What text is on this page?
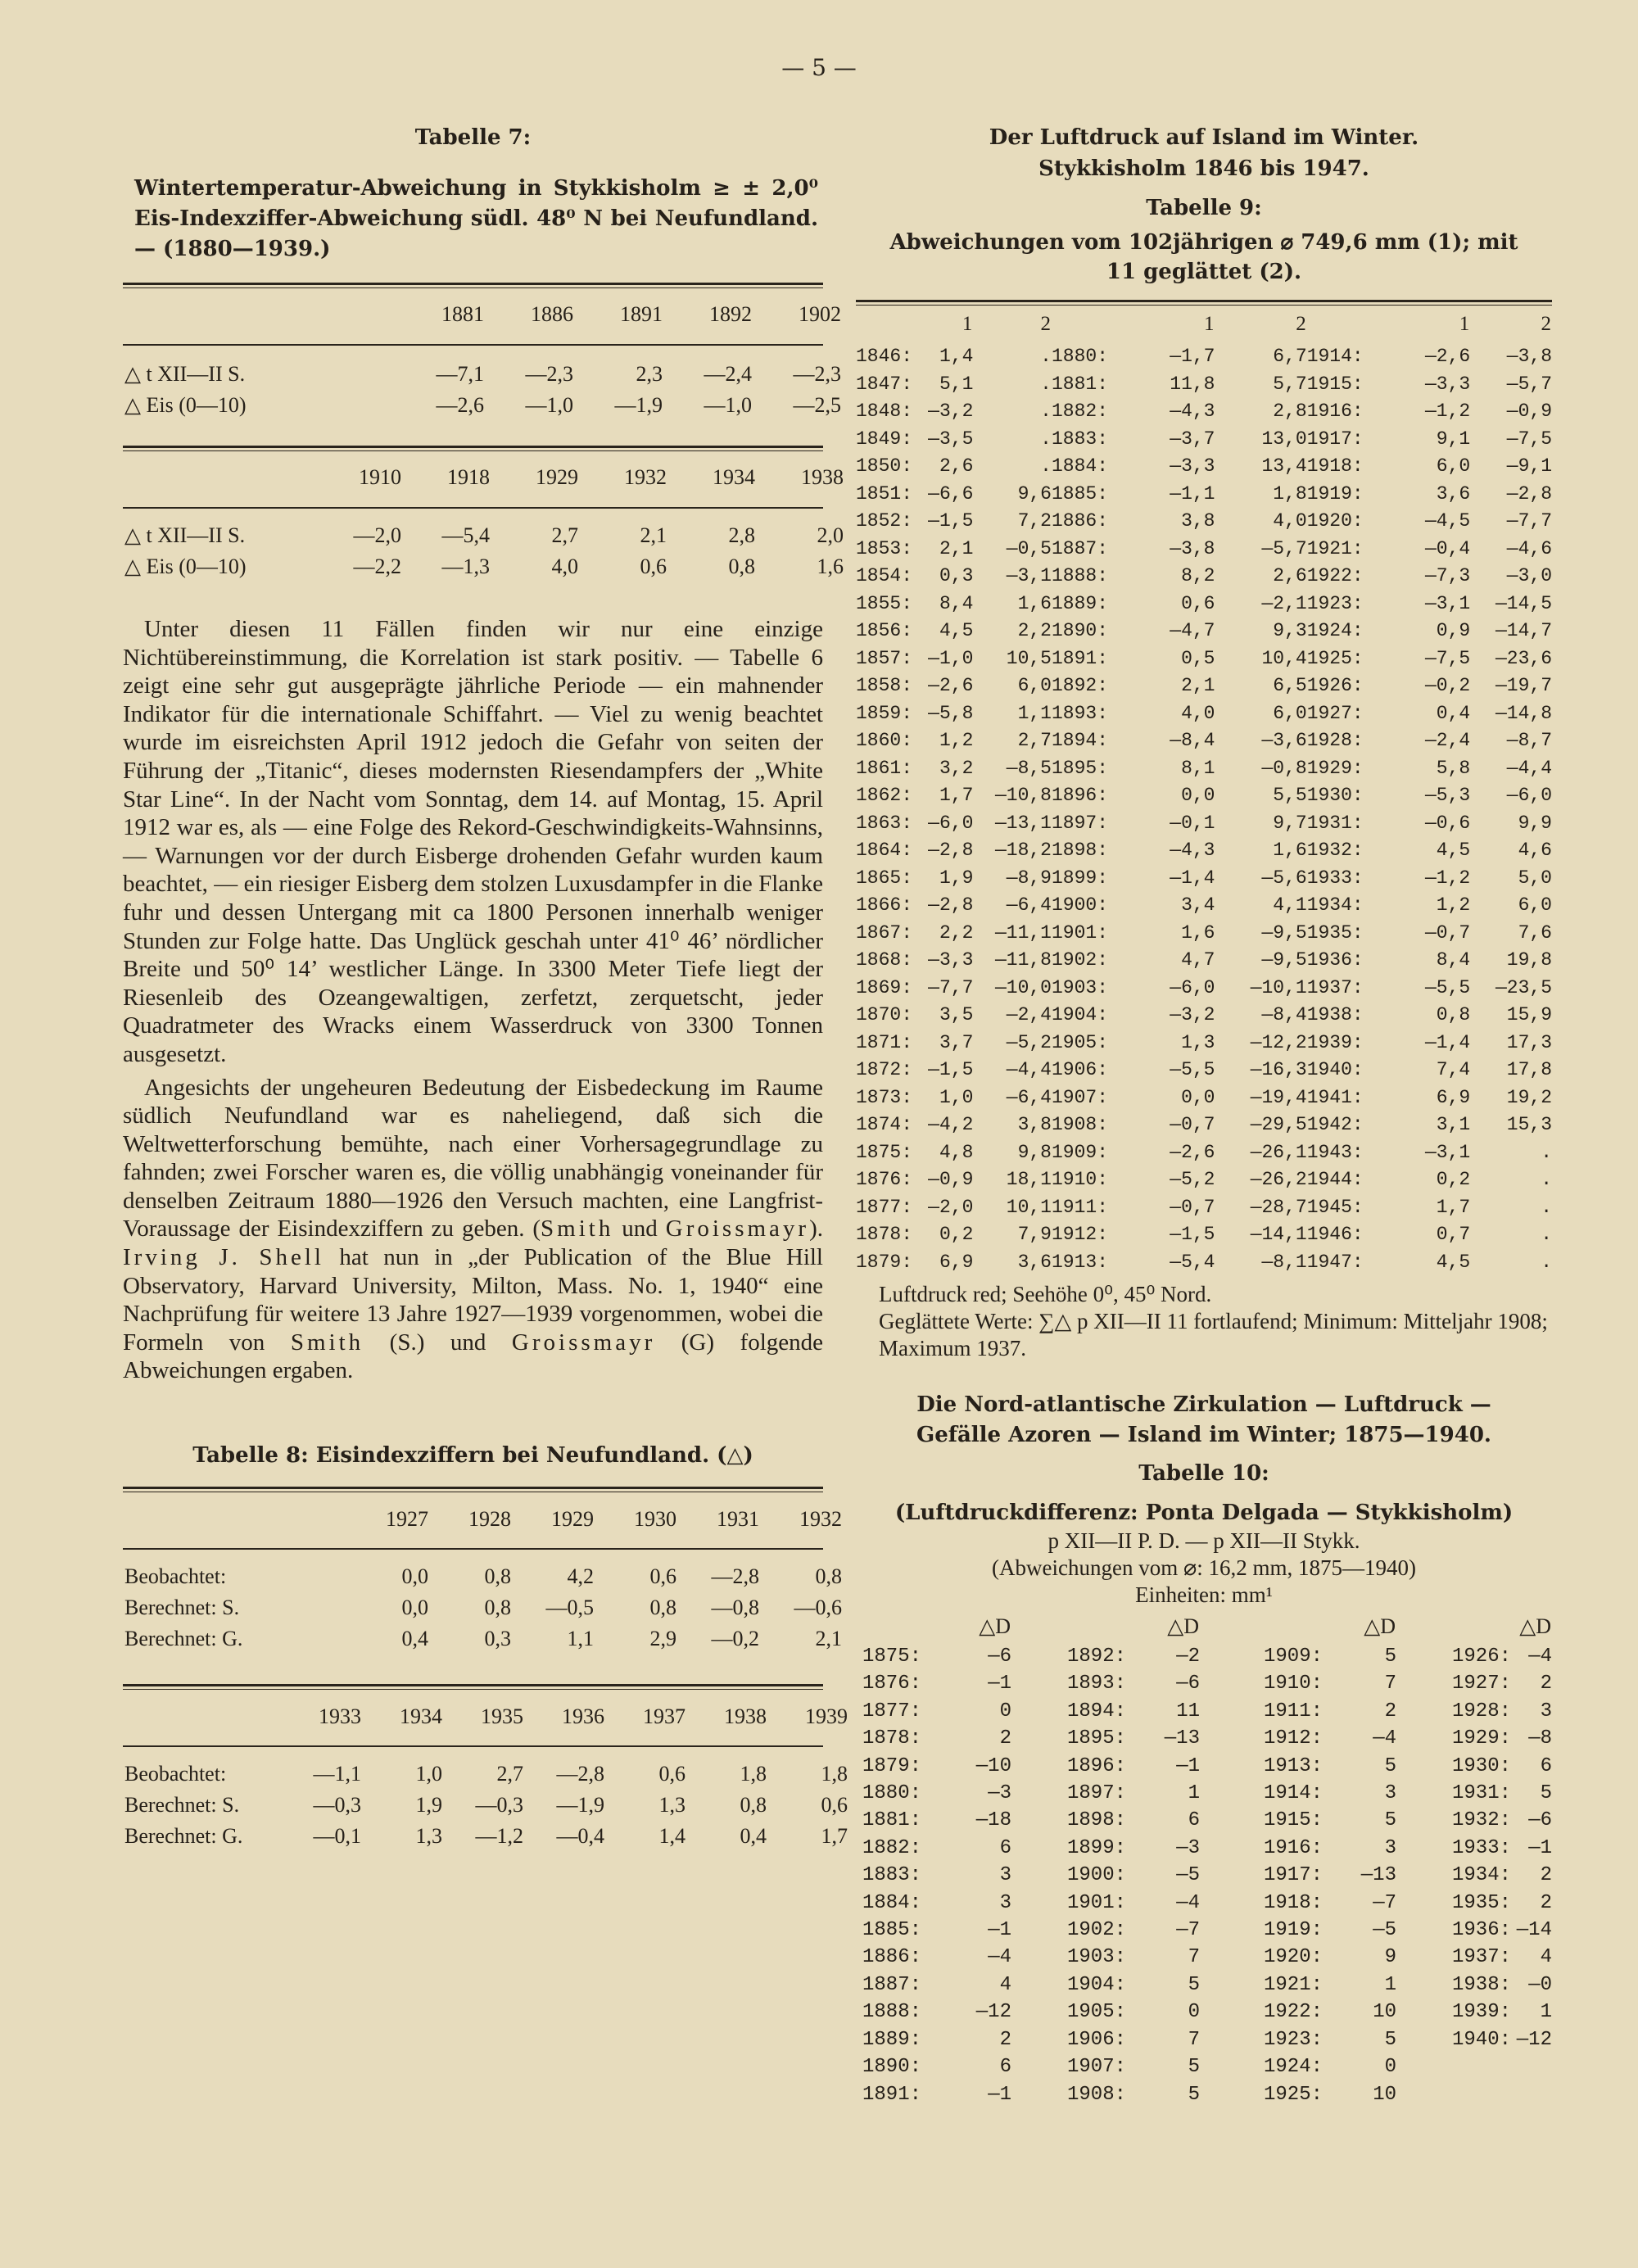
— 5 —

Tabelle 7:

Wintertemperatur-Abweichung in Stykkisholm ≥ ± 2,0⁰ Eis-Indexziffer-Abweichung südl. 48⁰ N bei Neufundland. — (1880—1939.)

	1881	1886	1891	1892	1902
△ t XII—II S.	—7,1	—2,3	2,3	—2,4	—2,3
△ Eis (0—10)	—2,6	—1,0	—1,9	—1,0	—2,5
	1910	1918	1929	1932	1934	1938
△ t XII—II S.	—2,0	—5,4	2,7	2,1	2,8	2,0
△ Eis (0—10)	—2,2	—1,3	4,0	0,6	0,8	1,6

Unter diesen 11 Fällen finden wir nur eine einzige Nichtübereinstimmung, die Korrelation ist stark positiv. — Tabelle 6 zeigt eine sehr gut ausgeprägte jährliche Periode — ein mahnender Indikator für die internationale Schiffahrt. — Viel zu wenig beachtet wurde im eisreichsten April 1912 jedoch die Gefahr von seiten der Führung der „Titanic“, dieses modernsten Riesendampfers der „White Star Line“. In der Nacht vom Sonntag, dem 14. auf Montag, 15. April 1912 war es, als — eine Folge des Rekord-Geschwindigkeits-Wahnsinns, — Warnungen vor der durch Eisberge drohenden Gefahr wurden kaum beachtet, — ein riesiger Eisberg dem stolzen Luxusdampfer in die Flanke fuhr und dessen Untergang mit ca 1800 Personen innerhalb weniger Stunden zur Folge hatte. Das Unglück geschah unter 41⁰ 46’ nördlicher Breite und 50⁰ 14’ westlicher Länge. In 3300 Meter Tiefe liegt der Riesenleib des Ozeangewaltigen, zerfetzt, zerquetscht, jeder Quadratmeter des Wracks einem Wasserdruck von 3300 Tonnen ausgesetzt.

Angesichts der ungeheuren Bedeutung der Eisbedeckung im Raume südlich Neufundland war es naheliegend, daß sich die Weltwetterforschung bemühte, nach einer Vorhersagegrundlage zu fahnden; zwei Forscher waren es, die völlig unabhängig voneinander für denselben Zeitraum 1880—1926 den Versuch machten, eine Langfrist-Voraussage der Eisindexziffern zu geben. (Smith und Groissmayr). Irving J. Shell hat nun in „der Publication of the Blue Hill Observatory, Harvard University, Milton, Mass. No. 1, 1940“ eine Nachprüfung für weitere 13 Jahre 1927—1939 vorgenommen, wobei die Formeln von Smith (S.) und Groissmayr (G) folgende Abweichungen ergaben.

Tabelle 8: Eisindexziffern bei Neufundland. (△)

	1927	1928	1929	1930	1931	1932
Beobachtet:	0,0	0,8	4,2	0,6	—2,8	0,8
Berechnet: S.	0,0	0,8	—0,5	0,8	—0,8	—0,6
Berechnet: G.	0,4	0,3	1,1	2,9	—0,2	2,1
	1933	1934	1935	1936	1937	1938	1939
Beobachtet:	—1,1	1,0	2,7	—2,8	0,6	1,8	1,8
Berechnet: S.	—0,3	1,9	—0,3	—1,9	1,3	0,8	0,6
Berechnet: G.	—0,1	1,3	—1,2	—0,4	1,4	0,4	1,7

Der Luftdruck auf Island im Winter.

Stykkisholm 1846 bis 1947.

Tabelle 9:

Abweichungen vom 102jährigen ⌀ 749,6 mm (1); mit 11 geglättet (2).

	1	2		1	2		1	2
1846:	1,4	.	1880:	—1,7	6,7	1914:	—2,6	—3,8
1847:	5,1	.	1881:	11,8	5,7	1915:	—3,3	—5,7
1848:	—3,2	.	1882:	—4,3	2,8	1916:	—1,2	—0,9
1849:	—3,5	.	1883:	—3,7	13,0	1917:	9,1	—7,5
1850:	2,6	.	1884:	—3,3	13,4	1918:	6,0	—9,1
1851:	—6,6	9,6	1885:	—1,1	1,8	1919:	3,6	—2,8
1852:	—1,5	7,2	1886:	3,8	4,0	1920:	—4,5	—7,7
1853:	2,1	—0,5	1887:	—3,8	—5,7	1921:	—0,4	—4,6
1854:	0,3	—3,1	1888:	8,2	2,6	1922:	—7,3	—3,0
1855:	8,4	1,6	1889:	0,6	—2,1	1923:	—3,1	—14,5
1856:	4,5	2,2	1890:	—4,7	9,3	1924:	0,9	—14,7
1857:	—1,0	10,5	1891:	0,5	10,4	1925:	—7,5	—23,6
1858:	—2,6	6,0	1892:	2,1	6,5	1926:	—0,2	—19,7
1859:	—5,8	1,1	1893:	4,0	6,0	1927:	0,4	—14,8
1860:	1,2	2,7	1894:	—8,4	—3,6	1928:	—2,4	—8,7
1861:	3,2	—8,5	1895:	8,1	—0,8	1929:	5,8	—4,4
1862:	1,7	—10,8	1896:	0,0	5,5	1930:	—5,3	—6,0
1863:	—6,0	—13,1	1897:	—0,1	9,7	1931:	—0,6	9,9
1864:	—2,8	—18,2	1898:	—4,3	1,6	1932:	4,5	4,6
1865:	1,9	—8,9	1899:	—1,4	—5,6	1933:	—1,2	5,0
1866:	—2,8	—6,4	1900:	3,4	4,1	1934:	1,2	6,0
1867:	2,2	—11,1	1901:	1,6	—9,5	1935:	—0,7	7,6
1868:	—3,3	—11,8	1902:	4,7	—9,5	1936:	8,4	19,8
1869:	—7,7	—10,0	1903:	—6,0	—10,1	1937:	—5,5	—23,5
1870:	3,5	—2,4	1904:	—3,2	—8,4	1938:	0,8	15,9
1871:	3,7	—5,2	1905:	1,3	—12,2	1939:	—1,4	17,3
1872:	—1,5	—4,4	1906:	—5,5	—16,3	1940:	7,4	17,8
1873:	1,0	—6,4	1907:	0,0	—19,4	1941:	6,9	19,2
1874:	—4,2	3,8	1908:	—0,7	—29,5	1942:	3,1	15,3
1875:	4,8	9,8	1909:	—2,6	—26,1	1943:	—3,1	.
1876:	—0,9	18,1	1910:	—5,2	—26,2	1944:	0,2	.
1877:	—2,0	10,1	1911:	—0,7	—28,7	1945:	1,7	.
1878:	0,2	7,9	1912:	—1,5	—14,1	1946:	0,7	.
1879:	6,9	3,6	1913:	—5,4	—8,1	1947:	4,5	.

Luftdruck red; Seehöhe 0⁰, 45⁰ Nord.

Geglättete Werte: ∑△ p XII—II 11 fortlaufend; Minimum: Mitteljahr 1908; Maximum 1937.

Die Nord-atlantische Zirkulation — Luftdruck — Gefälle Azoren — Island im Winter; 1875—1940.

Tabelle 10:

(Luftdruckdifferenz: Ponta Delgada — Stykkisholm)

p XII—II P. D. — p XII—II Stykk.

(Abweichungen vom ⌀: 16,2 mm, 1875—1940)

Einheiten: mm¹

	△D		△D		△D		△D
1875:	—6	1892:	—2	1909:	5	1926:	—4
1876:	—1	1893:	—6	1910:	7	1927:	2
1877:	0	1894:	11	1911:	2	1928:	3
1878:	2	1895:	—13	1912:	—4	1929:	—8
1879:	—10	1896:	—1	1913:	5	1930:	6
1880:	—3	1897:	1	1914:	3	1931:	5
1881:	—18	1898:	6	1915:	5	1932:	—6
1882:	6	1899:	—3	1916:	3	1933:	—1
1883:	3	1900:	—5	1917:	—13	1934:	2
1884:	3	1901:	—4	1918:	—7	1935:	2
1885:	—1	1902:	—7	1919:	—5	1936:	—14
1886:	—4	1903:	7	1920:	9	1937:	4
1887:	4	1904:	5	1921:	1	1938:	—0
1888:	—12	1905:	0	1922:	10	1939:	1
1889:	2	1906:	7	1923:	5	1940:	—12
1890:	6	1907:	5	1924:	0		
1891:	—1	1908:	5	1925:	10		
